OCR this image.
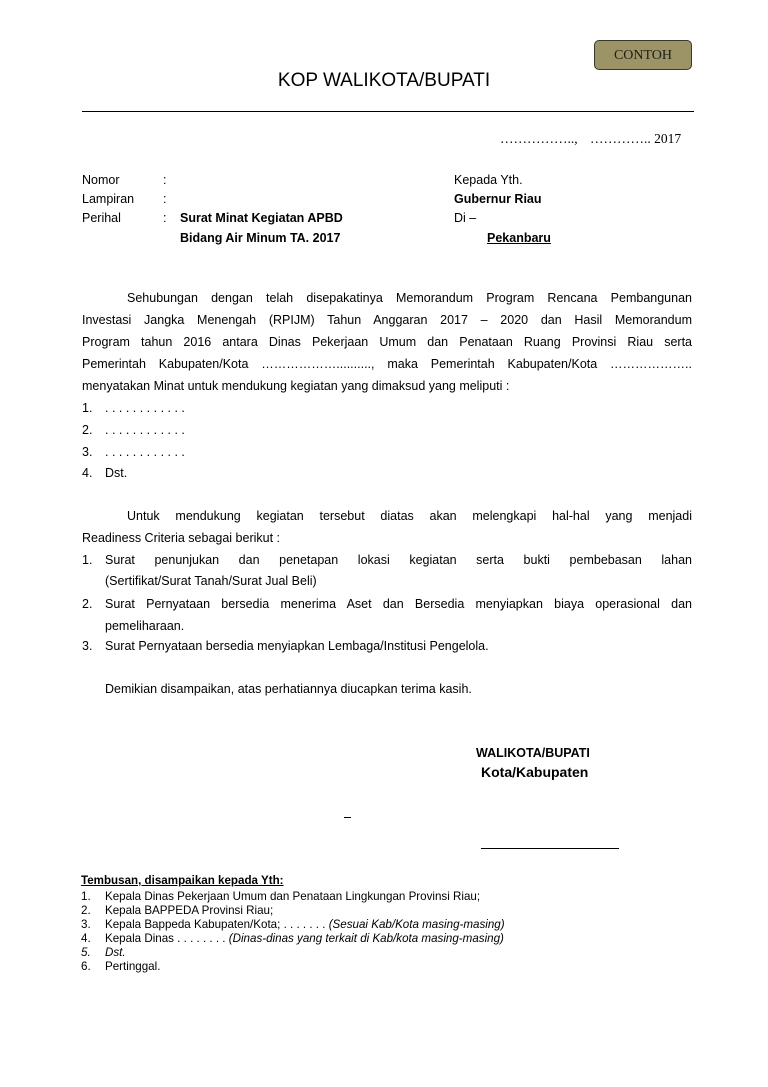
CONTOH
KOP WALIKOTA/BUPATI
…………….., ………….. 2017
Nomor	:
Lampiran :
Perihal	: Surat Minat Kegiatan APBD
Bidang Air Minum TA. 2017
Kepada Yth.
Gubernur Riau
Di –
Pekanbaru
Sehubungan dengan telah disepakatinya Memorandum Program Rencana Pembangunan
Investasi Jangka Menengah (RPIJM) Tahun Anggaran 2017 – 2020 dan Hasil Memorandum
Program tahun 2016 antara Dinas Pekerjaan Umum dan Penataan Ruang Provinsi Riau serta
Pemerintah Kabupaten/Kota ……………….........., maka Pemerintah Kabupaten/Kota ………………..
menyatakan Minat untuk mendukung kegiatan yang dimaksud yang meliputi :
1. . . . . . . . . . . . .
2. . . . . . . . . . . . .
3. . . . . . . . . . . . .
4. Dst.
Untuk mendukung kegiatan tersebut diatas akan melengkapi hal-hal yang menjadi
Readiness Criteria sebagai berikut :
1. Surat penunjukan dan penetapan lokasi kegiatan serta bukti pembebasan lahan
(Sertifikat/Surat Tanah/Surat Jual Beli)
2. Surat Pernyataan bersedia menerima Aset dan Bersedia menyiapkan biaya operasional dan
pemeliharaan.
3. Surat Pernyataan bersedia menyiapkan Lembaga/Institusi Pengelola.
Demikian disampaikan, atas perhatiannya diucapkan terima kasih.
WALIKOTA/BUPATI
Kota/Kabupaten
Tembusan, disampaikan kepada Yth:
1. Kepala Dinas Pekerjaan Umum dan Penataan Lingkungan Provinsi Riau;
2. Kepala BAPPEDA Provinsi Riau;
3. Kepala Bappeda Kabupaten/Kota; . . . . . . . (Sesuai Kab/Kota masing-masing)
4. Kepala Dinas . . . . . . . . (Dinas-dinas yang terkait di Kab/kota masing-masing)
5. Dst.
6. Pertinggal.
